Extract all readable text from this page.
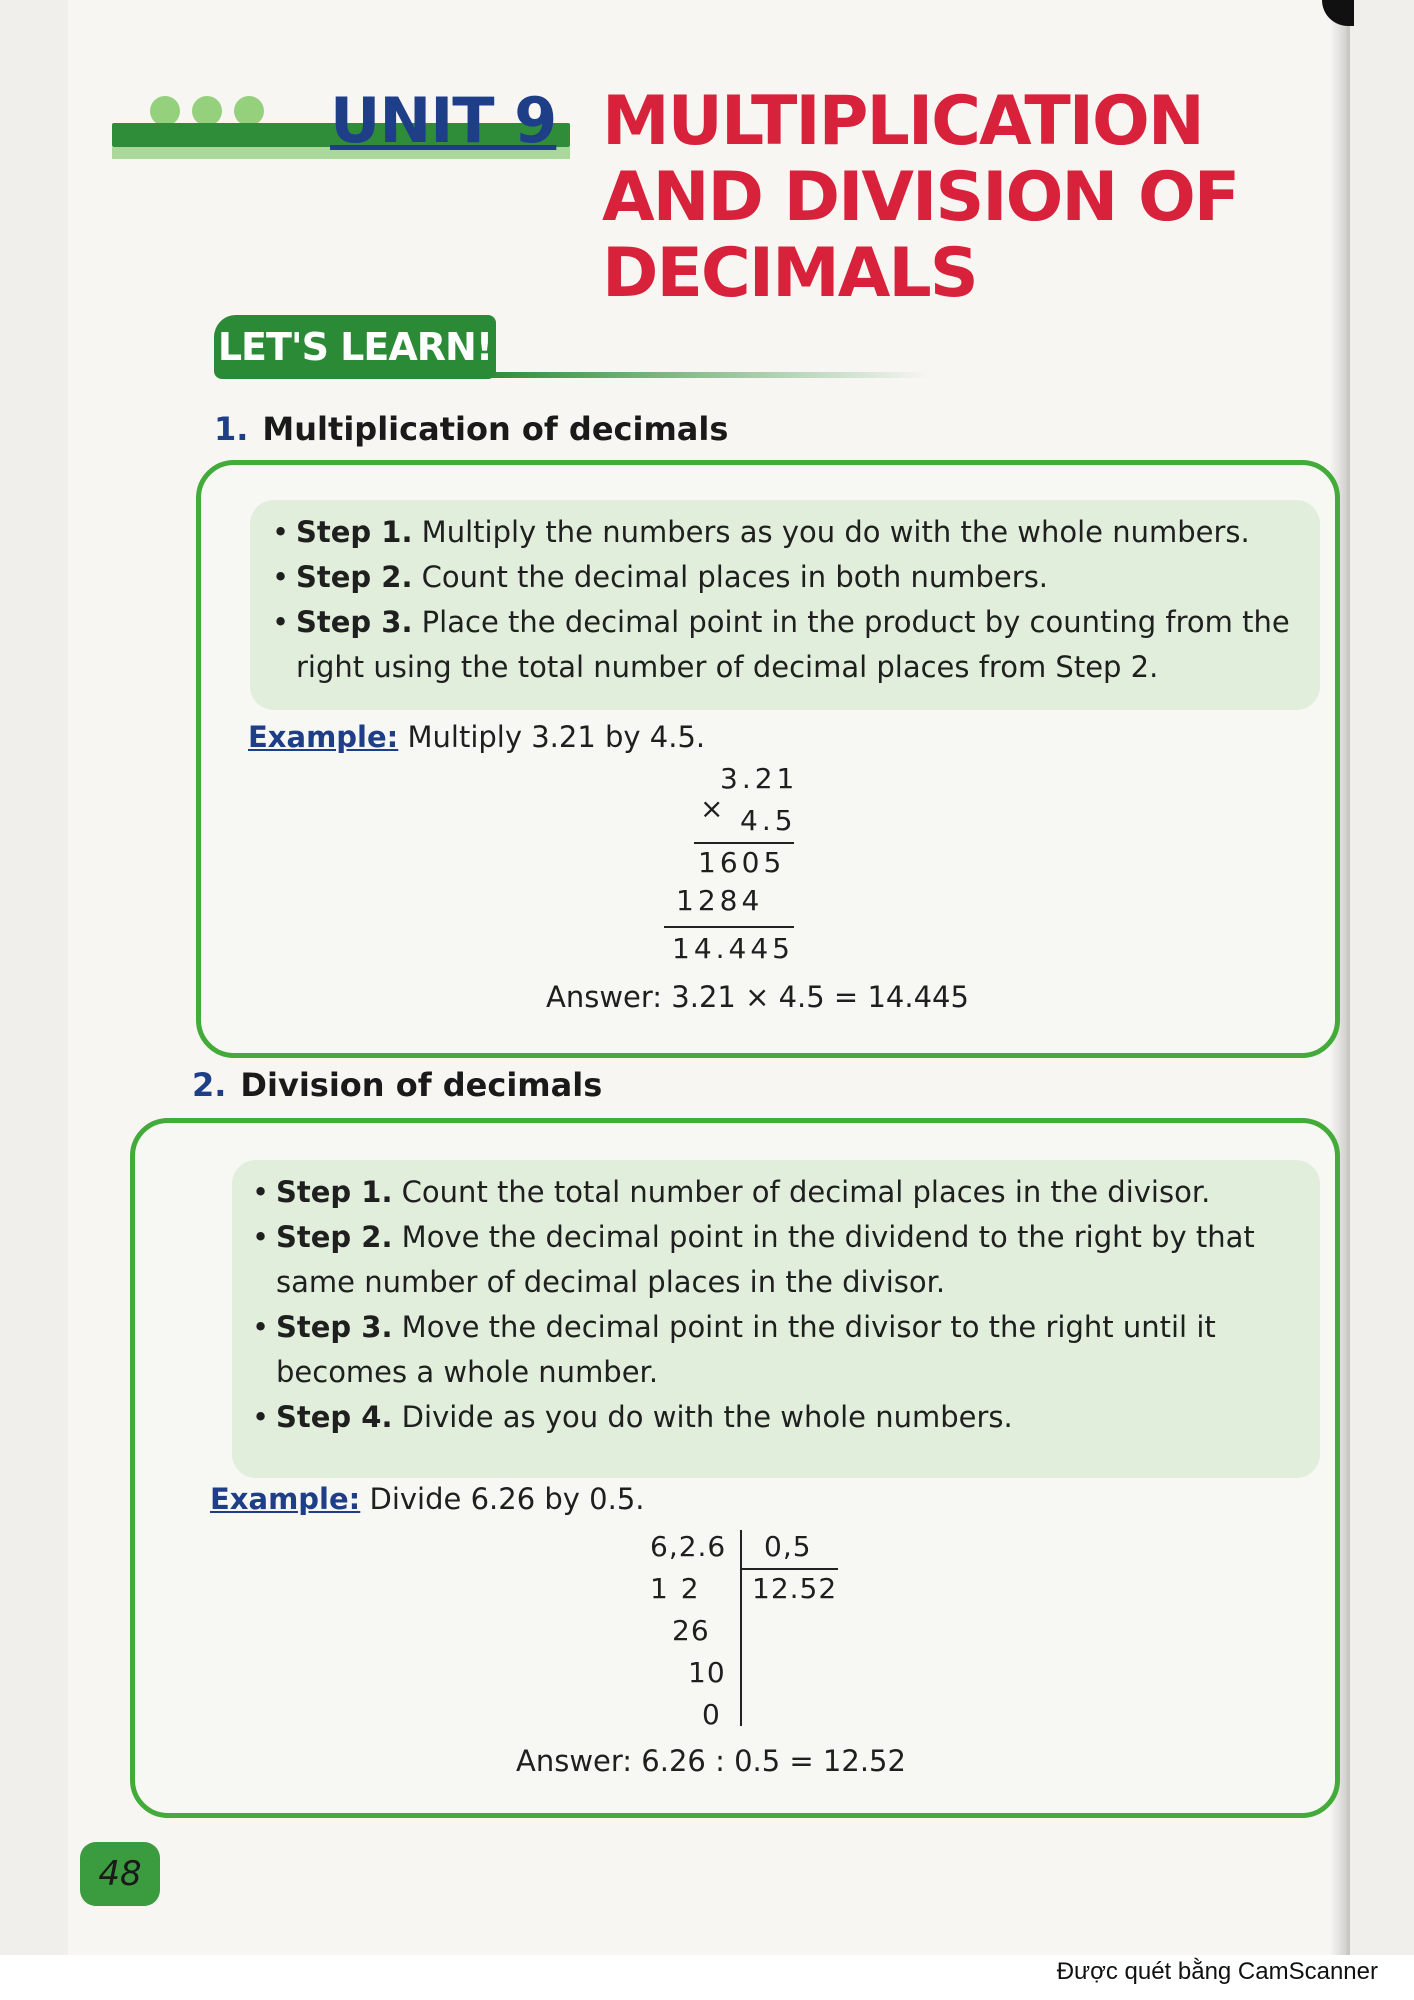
UNIT 9 MULTIPLICATION
AND DIVISION OF
DECIMALS
LET'S LEARN!
1. Multiplication of decimals
• Step 1. Multiply the numbers as you do with the whole numbers.
• Step 2. Count the decimal places in both numbers.
• Step 3. Place the decimal point in the product by counting from the right using the total number of decimal places from Step 2.
Example: Multiply 3.21 by 4.5.
×
3.21
4.5
1605
1284
14.445
Answer: 3.21 × 4.5 = 14.445
2. Division of decimals
• Step 1. Count the total number of decimal places in the divisor.
• Step 2. Move the decimal point in the dividend to the right by that same number of decimal places in the divisor.
• Step 3. Move the decimal point in the divisor to the right until it becomes a whole number.
• Step 4. Divide as you do with the whole numbers.
Example: Divide 6.26 by 0.5.
6,2.6 0,5
12.52
1 2
26
10
0
Answer: 6.26 : 0.5 = 12.52
48
Được quét bằng CamScanner
